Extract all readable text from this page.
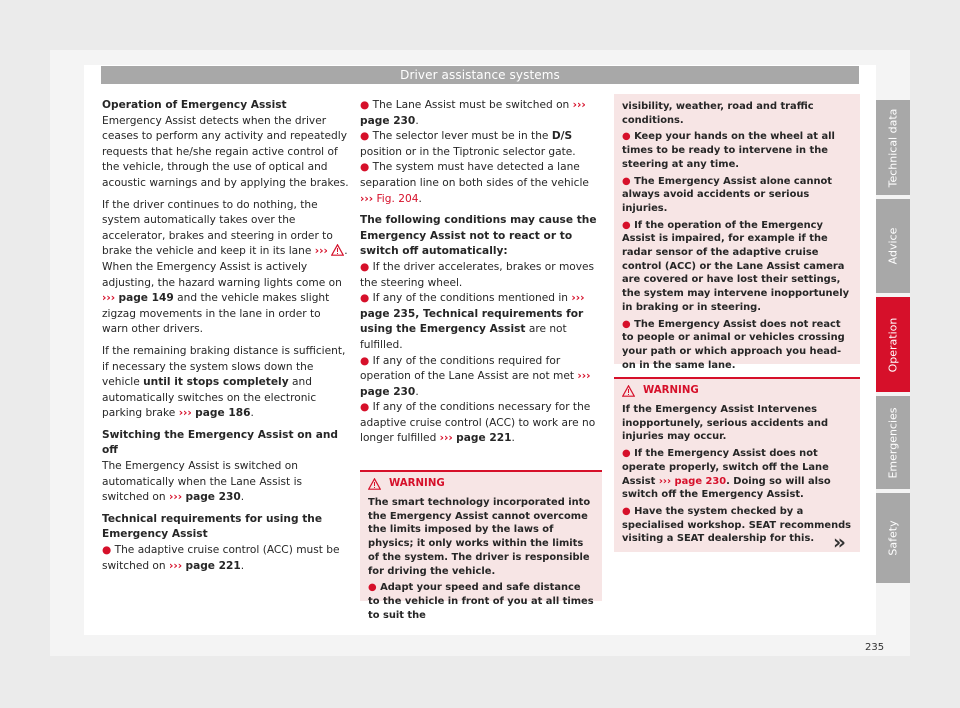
Driver assistance systems

Operation of Emergency Assist

Emergency Assist detects when the driver ceases to perform any activity and repeatedly requests that he/she regain active control of the vehicle, through the use of optical and acoustic warnings and by applying the brakes.

If the driver continues to do nothing, the system automatically takes over the accelerator, brakes and steering in order to brake the vehicle and keep it in its lane ››› . When the Emergency Assist is actively adjusting, the hazard warning lights come on ››› page 149 and the vehicle makes slight zigzag movements in the lane in order to warn other drivers.

If the remaining braking distance is sufficient, if necessary the system slows down the vehicle until it stops completely and automatically switches on the electronic parking brake ››› page 186.

Switching the Emergency Assist on and off

The Emergency Assist is switched on automatically when the Lane Assist is switched on ››› page 230.

Technical requirements for using the Emergency Assist

● The adaptive cruise control (ACC) must be switched on ››› page 221.

● The Lane Assist must be switched on ››› page 230.

● The selector lever must be in the D/S position or in the Tiptronic selector gate.

● The system must have detected a lane separation line on both sides of the vehicle ››› Fig. 204.

The following conditions may cause the Emergency Assist not to react or to switch off automatically:

● If the driver accelerates, brakes or moves the steering wheel.

● If any of the conditions mentioned in ››› page 235, Technical requirements for using the Emergency Assist are not fulfilled.

● If any of the conditions required for operation of the Lane Assist are not met ››› page 230.

● If any of the conditions necessary for the adaptive cruise control (ACC) to work are no longer fulfilled ››› page 221.

WARNING

The smart technology incorporated into the Emergency Assist cannot overcome the limits imposed by the laws of physics; it only works within the limits of the system. The driver is responsible for driving the vehicle.

● Adapt your speed and safe distance to the vehicle in front of you at all times to suit the

visibility, weather, road and traffic conditions.

● Keep your hands on the wheel at all times to be ready to intervene in the steering at any time.

● The Emergency Assist alone cannot always avoid accidents or serious injuries.

● If the operation of the Emergency Assist is impaired, for example if the radar sensor of the adaptive cruise control (ACC) or the Lane Assist camera are covered or have lost their settings, the system may intervene inopportunely in braking or in steering.

● The Emergency Assist does not react to people or animal or vehicles crossing your path or which approach you head-on in the same lane.

WARNING

If the Emergency Assist Intervenes inopportunely, serious accidents and injuries may occur.

● If the Emergency Assist does not operate properly, switch off the Lane Assist ››› page 230. Doing so will also switch off the Emergency Assist.

● Have the system checked by a specialised workshop. SEAT recommends visiting a SEAT dealership for this. »
Technical data
Advice
Operation
Emergencies
Safety
235
